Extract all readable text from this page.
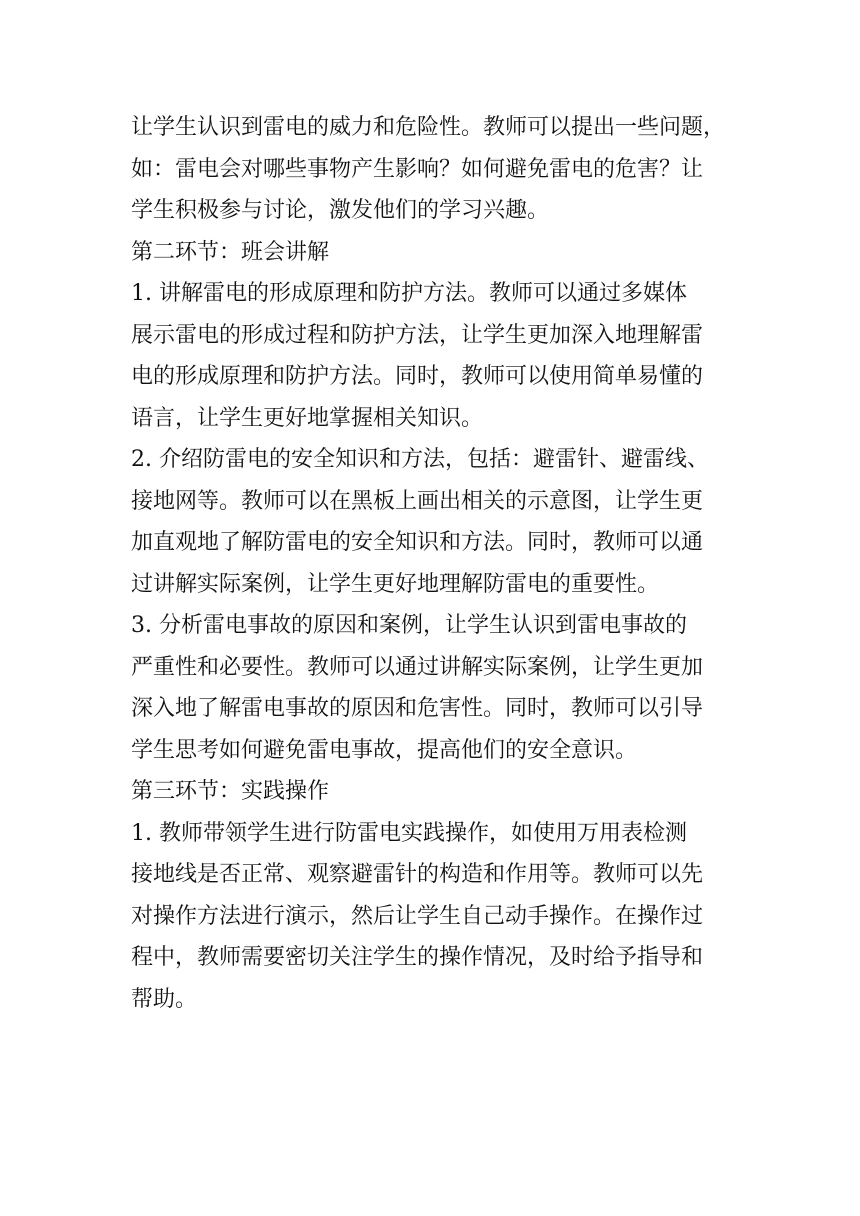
让学生认识到雷电的威力和危险性。教师可以提出一些问题，
如：雷电会对哪些事物产生影响？如何避免雷电的危害？让
学生积极参与讨论，激发他们的学习兴趣。
第二环节：班会讲解
1. 讲解雷电的形成原理和防护方法。教师可以通过多媒体
展示雷电的形成过程和防护方法，让学生更加深入地理解雷
电的形成原理和防护方法。同时，教师可以使用简单易懂的
语言，让学生更好地掌握相关知识。
2. 介绍防雷电的安全知识和方法，包括：避雷针、避雷线、
接地网等。教师可以在黑板上画出相关的示意图，让学生更
加直观地了解防雷电的安全知识和方法。同时，教师可以通
过讲解实际案例，让学生更好地理解防雷电的重要性。
3. 分析雷电事故的原因和案例，让学生认识到雷电事故的
严重性和必要性。教师可以通过讲解实际案例，让学生更加
深入地了解雷电事故的原因和危害性。同时，教师可以引导
学生思考如何避免雷电事故，提高他们的安全意识。
第三环节：实践操作
1. 教师带领学生进行防雷电实践操作，如使用万用表检测
接地线是否正常、观察避雷针的构造和作用等。教师可以先
对操作方法进行演示，然后让学生自己动手操作。在操作过
程中，教师需要密切关注学生的操作情况，及时给予指导和
帮助。
